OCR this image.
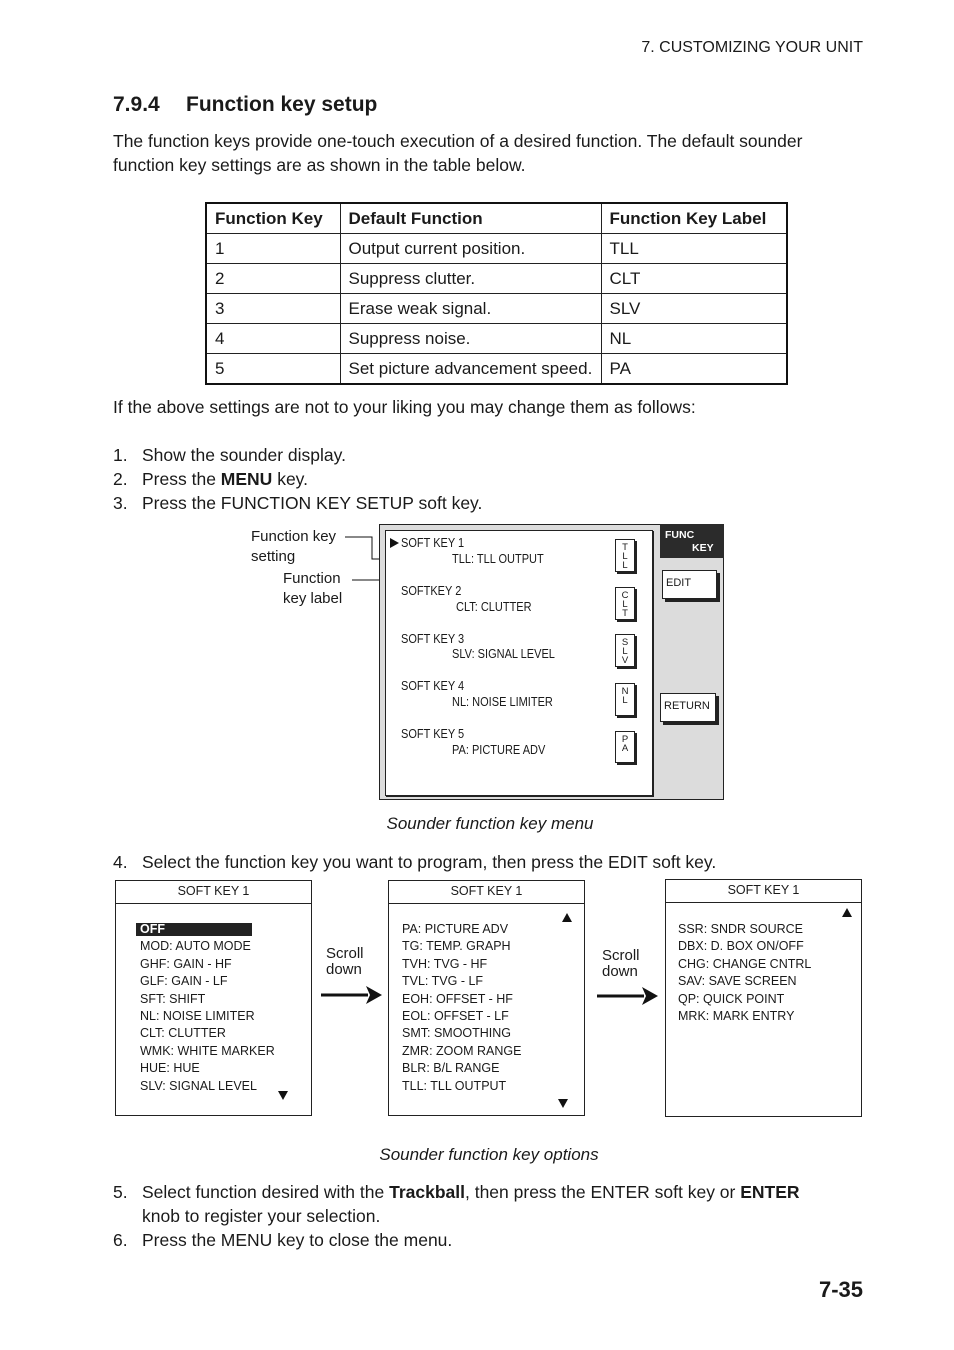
7. CUSTOMIZING YOUR UNIT
7.9.4 Function key setup
The function keys provide one-touch execution of a desired function. The default sounder
function key settings are as shown in the table below.
Function Key	Default Function	Function Key Label
1	Output current position.	TLL
2	Suppress clutter.	CLT
3	Erase weak signal.	SLV
4	Suppress noise.	NL
5	Set picture advancement speed.	PA
If the above settings are not to your liking you may change them as follows:
1. Show the sounder display.
2. Press the MENU key.
3. Press the FUNCTION KEY SETUP soft key.
Function key
setting
Function
key label
SOFT KEY 1
TLL: TLL OUTPUT
SOFTKEY 2
CLT: CLUTTER
SOFT KEY 3
SLV: SIGNAL LEVEL
SOFT KEY 4
NL: NOISE LIMITER
SOFT KEY 5
PA: PICTURE ADV
T
L
L
C
L
T
S
L
V
N
L
P
A
FUNC
KEY
EDIT
RETURN
Sounder function key menu
4. Select the function key you want to program, then press the EDIT soft key.
SOFT KEY 1
OFF
MOD: AUTO MODE
GHF: GAIN - HF
GLF: GAIN - LF
SFT: SHIFT
NL: NOISE LIMITER
CLT: CLUTTER
WMK: WHITE MARKER
HUE: HUE
SLV: SIGNAL LEVEL
Scroll
down
SOFT KEY 1
PA: PICTURE ADV
TG: TEMP. GRAPH
TVH: TVG - HF
TVL: TVG - LF
EOH: OFFSET - HF
EOL: OFFSET - LF
SMT: SMOOTHING
ZMR: ZOOM RANGE
BLR: B/L RANGE
TLL: TLL OUTPUT
Scroll
down
SOFT KEY 1
SSR: SNDR SOURCE
DBX: D. BOX ON/OFF
CHG: CHANGE CNTRL
SAV: SAVE SCREEN
QP: QUICK POINT
MRK: MARK ENTRY
Sounder function key options
5. Select function desired with the Trackball, then press the ENTER soft key or ENTER
knob to register your selection.
6. Press the MENU key to close the menu.
7-35
